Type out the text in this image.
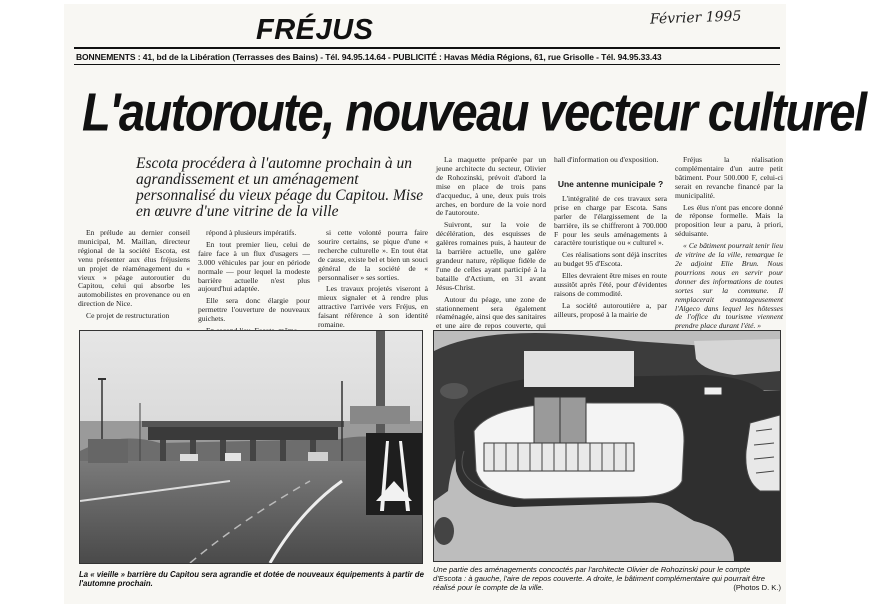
FRÉJUS	Février 1995
BONNEMENTS : 41, bd de la Libération (Terrasses des Bains) - Tél. 94.95.14.64 - PUBLICITÉ : Havas Média Régions, 61, rue Grisolle - Tél. 94.95.33.43
L'autoroute, nouveau vecteur culturel
Escota procédera à l'automne prochain à un agrandissement et un aménagement personnalisé du vieux péage du Capitou. Mise en œuvre d'une vitrine de la ville

En prélude au dernier conseil municipal, M. Maillan, directeur régional de la société Escota, est venu présenter aux élus fréjusiens un projet de réaménagement du « vieux » péage autoroutier du Capitou, celui qui absorbe les automobilistes en provenance ou en direction de Nice.

Ce projet de restructuration

répond à plusieurs impératifs.

En tout premier lieu, celui de faire face à un flux d'usagers — 3.000 véhicules par jour en période normale — pour lequel la modeste barrière actuelle n'est plus aujourd'hui adaptée.

Elle sera donc élargie pour permettre l'ouverture de nouveaux guichets.

si cette volonté pourra faire sourire certains, se pique d'une « recherche culturelle ». En tout état de cause, existe bel et bien un souci général de la société de « personnaliser » ses sorties.

Les travaux projetés viseront à mieux signaler et à rendre plus attractive l'arrivée vers Fréjus, en faisant référence à son identité romaine.

La maquette préparée par un jeune architecte du secteur, Olivier de Rohozinski, prévoit d'abord la mise en place de trois pans d'acqueduc, à une, deux puis trois arches, en bordure de la voie nord de l'autoroute.

Suivront, sur la voie de décélération, des esquisses de galères romaines puis, à hauteur de la barrière actuelle, une galère grandeur nature, réplique fidèle de l'une de celles ayant participé à la bataille d'Actium, en 31 avant Jésus-Christ.

Autour du péage, une zone de stationnement sera également réaménagée, ainsi que des sanitaires et une aire de repos couverte, qui

hall d'information ou d'exposition.

Une antenne municipale ?

L'intégralité de ces travaux sera prise en charge par Escota. Sans parler de l'élargissement de la barrière, ils se chiffreront à 700.000 F pour les seuls aménagements à caractère touristique ou « culturel ».

Ces réalisations sont déjà inscrites au budget 95 d'Escota.

Elles devraient être mises en route aussitôt après l'été, pour d'évidentes raisons de commodité.

La société autoroutière a, par ailleurs, proposé à la mairie de

Fréjus la réalisation complémentaire d'un autre petit bâtiment. Pour 500.000 F, celui-ci serait en revanche financé par la municipalité.

Les élus n'ont pas encore donné de réponse formelle. Mais la proposition leur a paru, à priori, séduisante.

« Ce bâtiment pourrait tenir lieu de vitrine de la ville, remarque le 2e adjoint Elie Brun. Nous pourrions nous en servir pour donner des informations de toutes sortes sur la commune. Il remplacerait avantageusement l'Algeco dans lequel les hôtesses de l'office du tourisme viennent prendre place durant l'été. »

La « vieille » barrière du Capitou sera agrandie et dotée de nouveaux équipements à partir de l'automne prochain.
Une partie des aménagements concoctés par l'architecte Olivier de Rohozinski pour le compte d'Escota : à gauche, l'aire de repos couverte. A droite, le bâtiment complémentaire qui pourrait être réalisé pour le compte de la ville.	(Photos D. K.)
